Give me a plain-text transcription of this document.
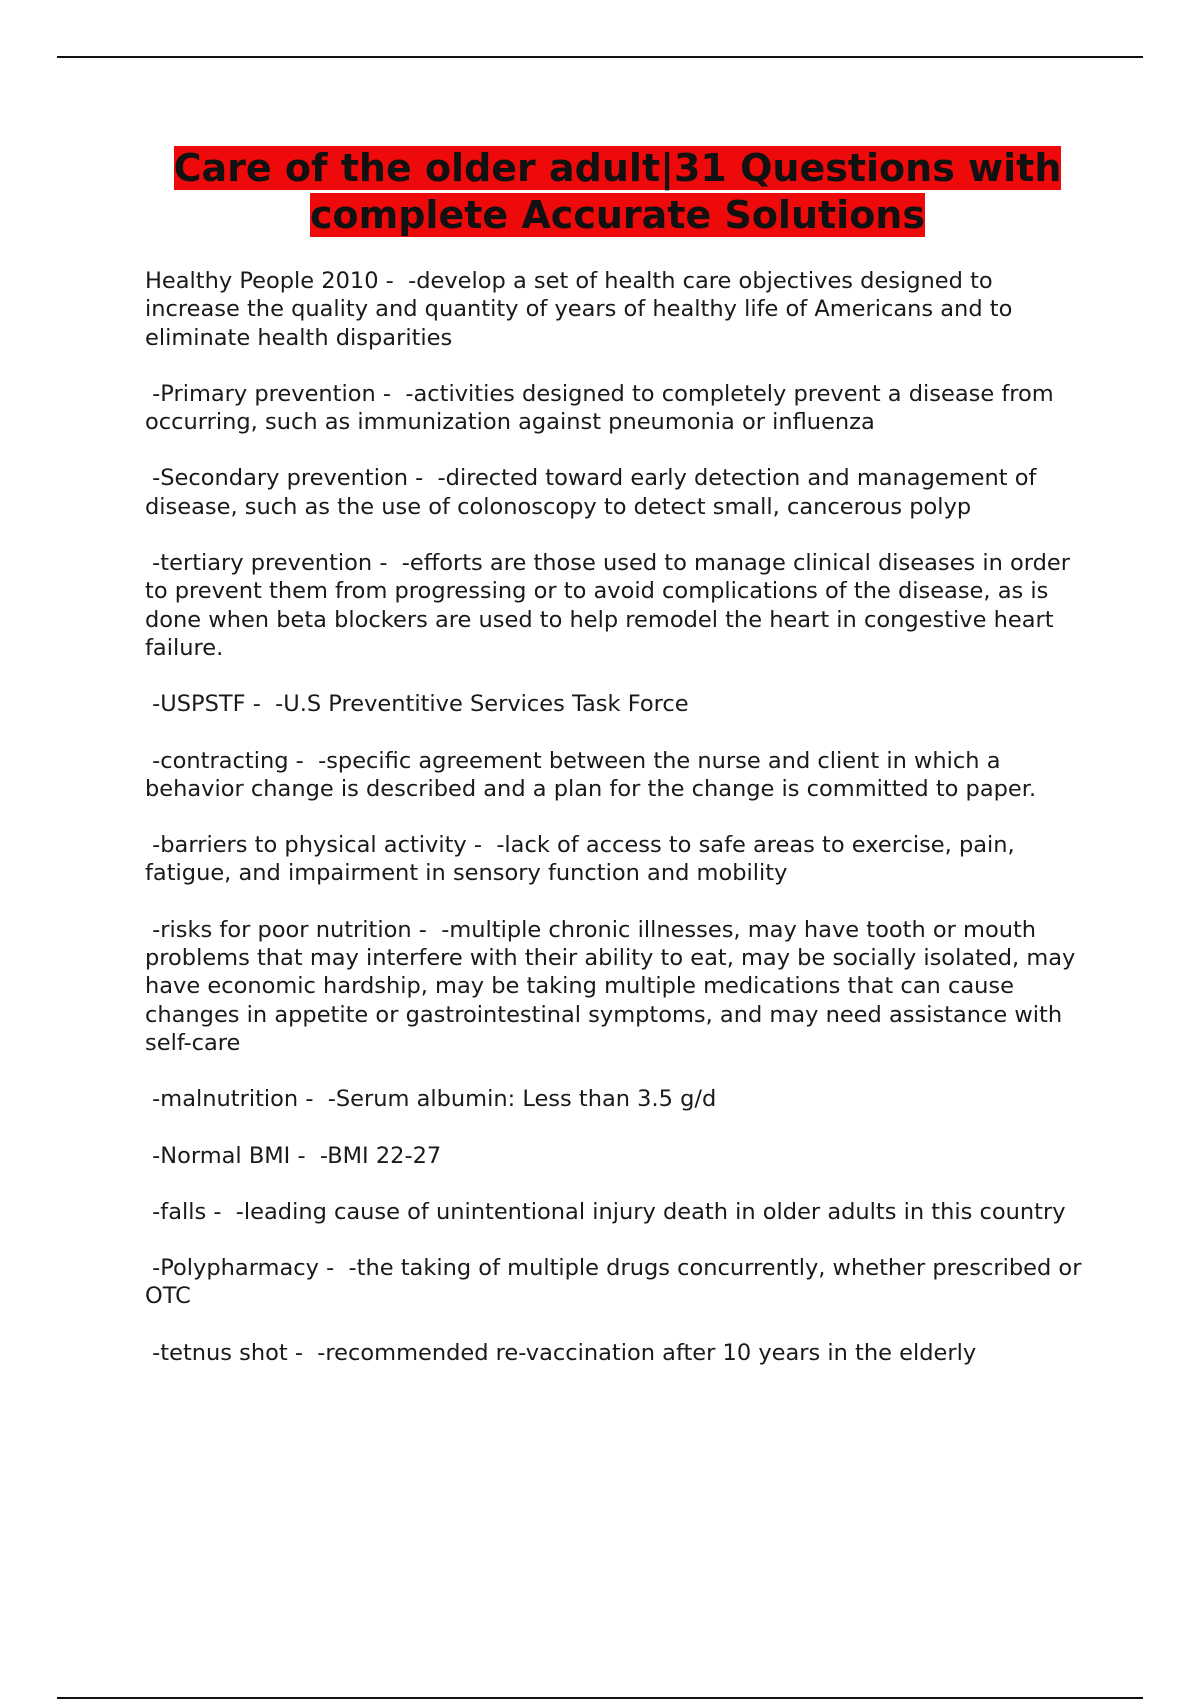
Care of the older adult|31 Questions with complete Accurate Solutions
Healthy People 2010 -  -develop a set of health care objectives designed to increase the quality and quantity of years of healthy life of Americans and to eliminate health disparities
-Primary prevention -  -activities designed to completely prevent a disease from occurring, such as immunization against pneumonia or influenza
-Secondary prevention -  -directed toward early detection and management of disease, such as the use of colonoscopy to detect small, cancerous polyp
-tertiary prevention -  -efforts are those used to manage clinical diseases in order to prevent them from progressing or to avoid complications of the disease, as is done when beta blockers are used to help remodel the heart in congestive heart failure.
-USPSTF -  -U.S Preventitive Services Task Force
-contracting -  -specific agreement between the nurse and client in which a behavior change is described and a plan for the change is committed to paper.
-barriers to physical activity -  -lack of access to safe areas to exercise, pain, fatigue, and impairment in sensory function and mobility
-risks for poor nutrition -  -multiple chronic illnesses, may have tooth or mouth problems that may interfere with their ability to eat, may be socially isolated, may have economic hardship, may be taking multiple medications that can cause changes in appetite or gastrointestinal symptoms, and may need assistance with self-care
-malnutrition -  -Serum albumin: Less than 3.5 g/d
-Normal BMI -  -BMI 22-27
-falls -  -leading cause of unintentional injury death in older adults in this country
-Polypharmacy -  -the taking of multiple drugs concurrently, whether prescribed or OTC
-tetnus shot -  -recommended re-vaccination after 10 years in the elderly
